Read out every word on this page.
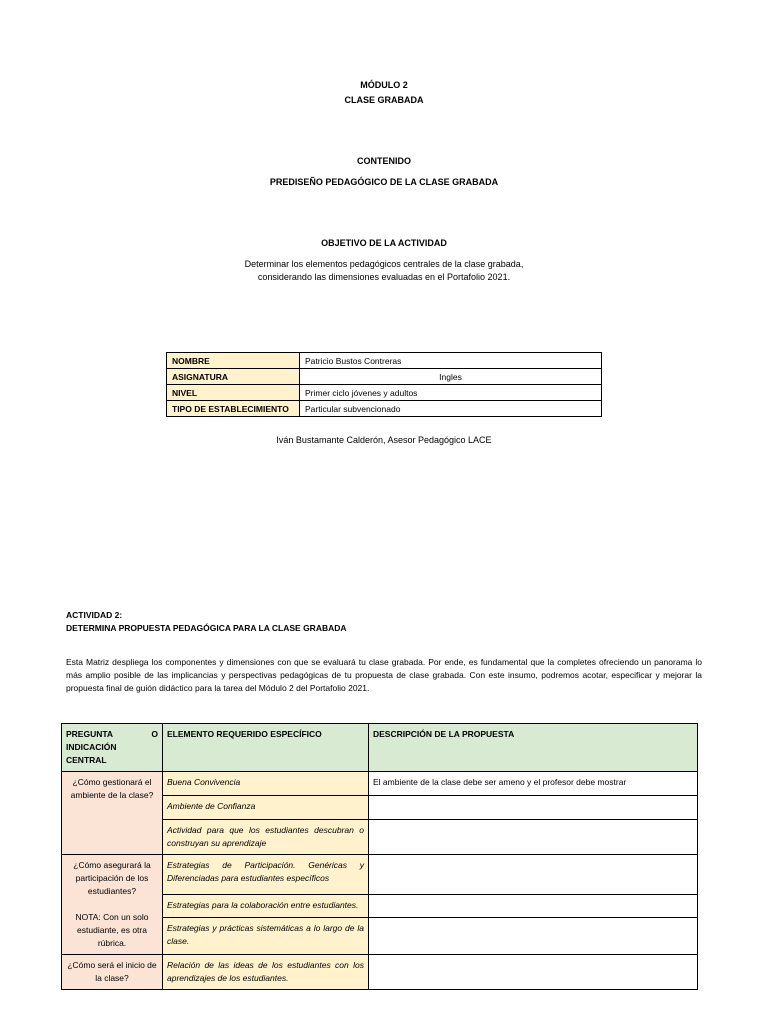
MÓDULO 2
CLASE GRABADA
CONTENIDO
PREDISEÑO PEDAGÓGICO DE LA CLASE GRABADA
OBJETIVO DE LA ACTIVIDAD
Determinar los elementos pedagógicos centrales de la clase grabada,
considerando las dimensiones evaluadas en el Portafolio 2021.
NOMBRE	Patricio Bustos Contreras
ASIGNATURA	Ingles
NIVEL	Primer ciclo jóvenes y adultos
TIPO DE ESTABLECIMIENTO	Particular subvencionado
Iván Bustamante Calderón, Asesor Pedagógico LACE
ACTIVIDAD 2:
DETERMINA PROPUESTA PEDAGÓGICA PARA LA CLASE GRABADA
Esta Matriz despliega los componentes y dimensiones con que se evaluará tu clase grabada. Por ende, es fundamental que la completes ofreciendo un panorama lo más amplio posible de las implicancias y perspectivas pedagógicas de tu propuesta de clase grabada. Con este insumo, podremos acotar, especificar y mejorar la propuesta final de guión didáctico para la tarea del Módulo 2 del Portafolio 2021.
PREGUNTA O
INDICACIÓN CENTRAL	ELEMENTO REQUERIDO ESPECÍFICO	DESCRIPCIÓN DE LA PROPUESTA
¿Cómo gestionará el ambiente de la clase?	Buena Convivencia	El ambiente de la clase debe ser ameno y el profesor debe mostrar
	Ambiente de Confianza	
	Actividad para que los estudiantes descubran o construyan su aprendizaje	

¿Cómo asegurará la participación de los estudiantes?
NOTA: Con un solo estudiante, es otra rúbrica.	Estrategias de Participación. Genéricas y Diferenciadas para estudiantes específicos	
	Estrategias para la colaboración entre estudiantes.	
	Estrategias y prácticas sistemáticas a lo largo de la clase.	
¿Cómo será el inicio de la clase?	Relación de las ideas de los estudiantes con los aprendizajes de los estudiantes.	
